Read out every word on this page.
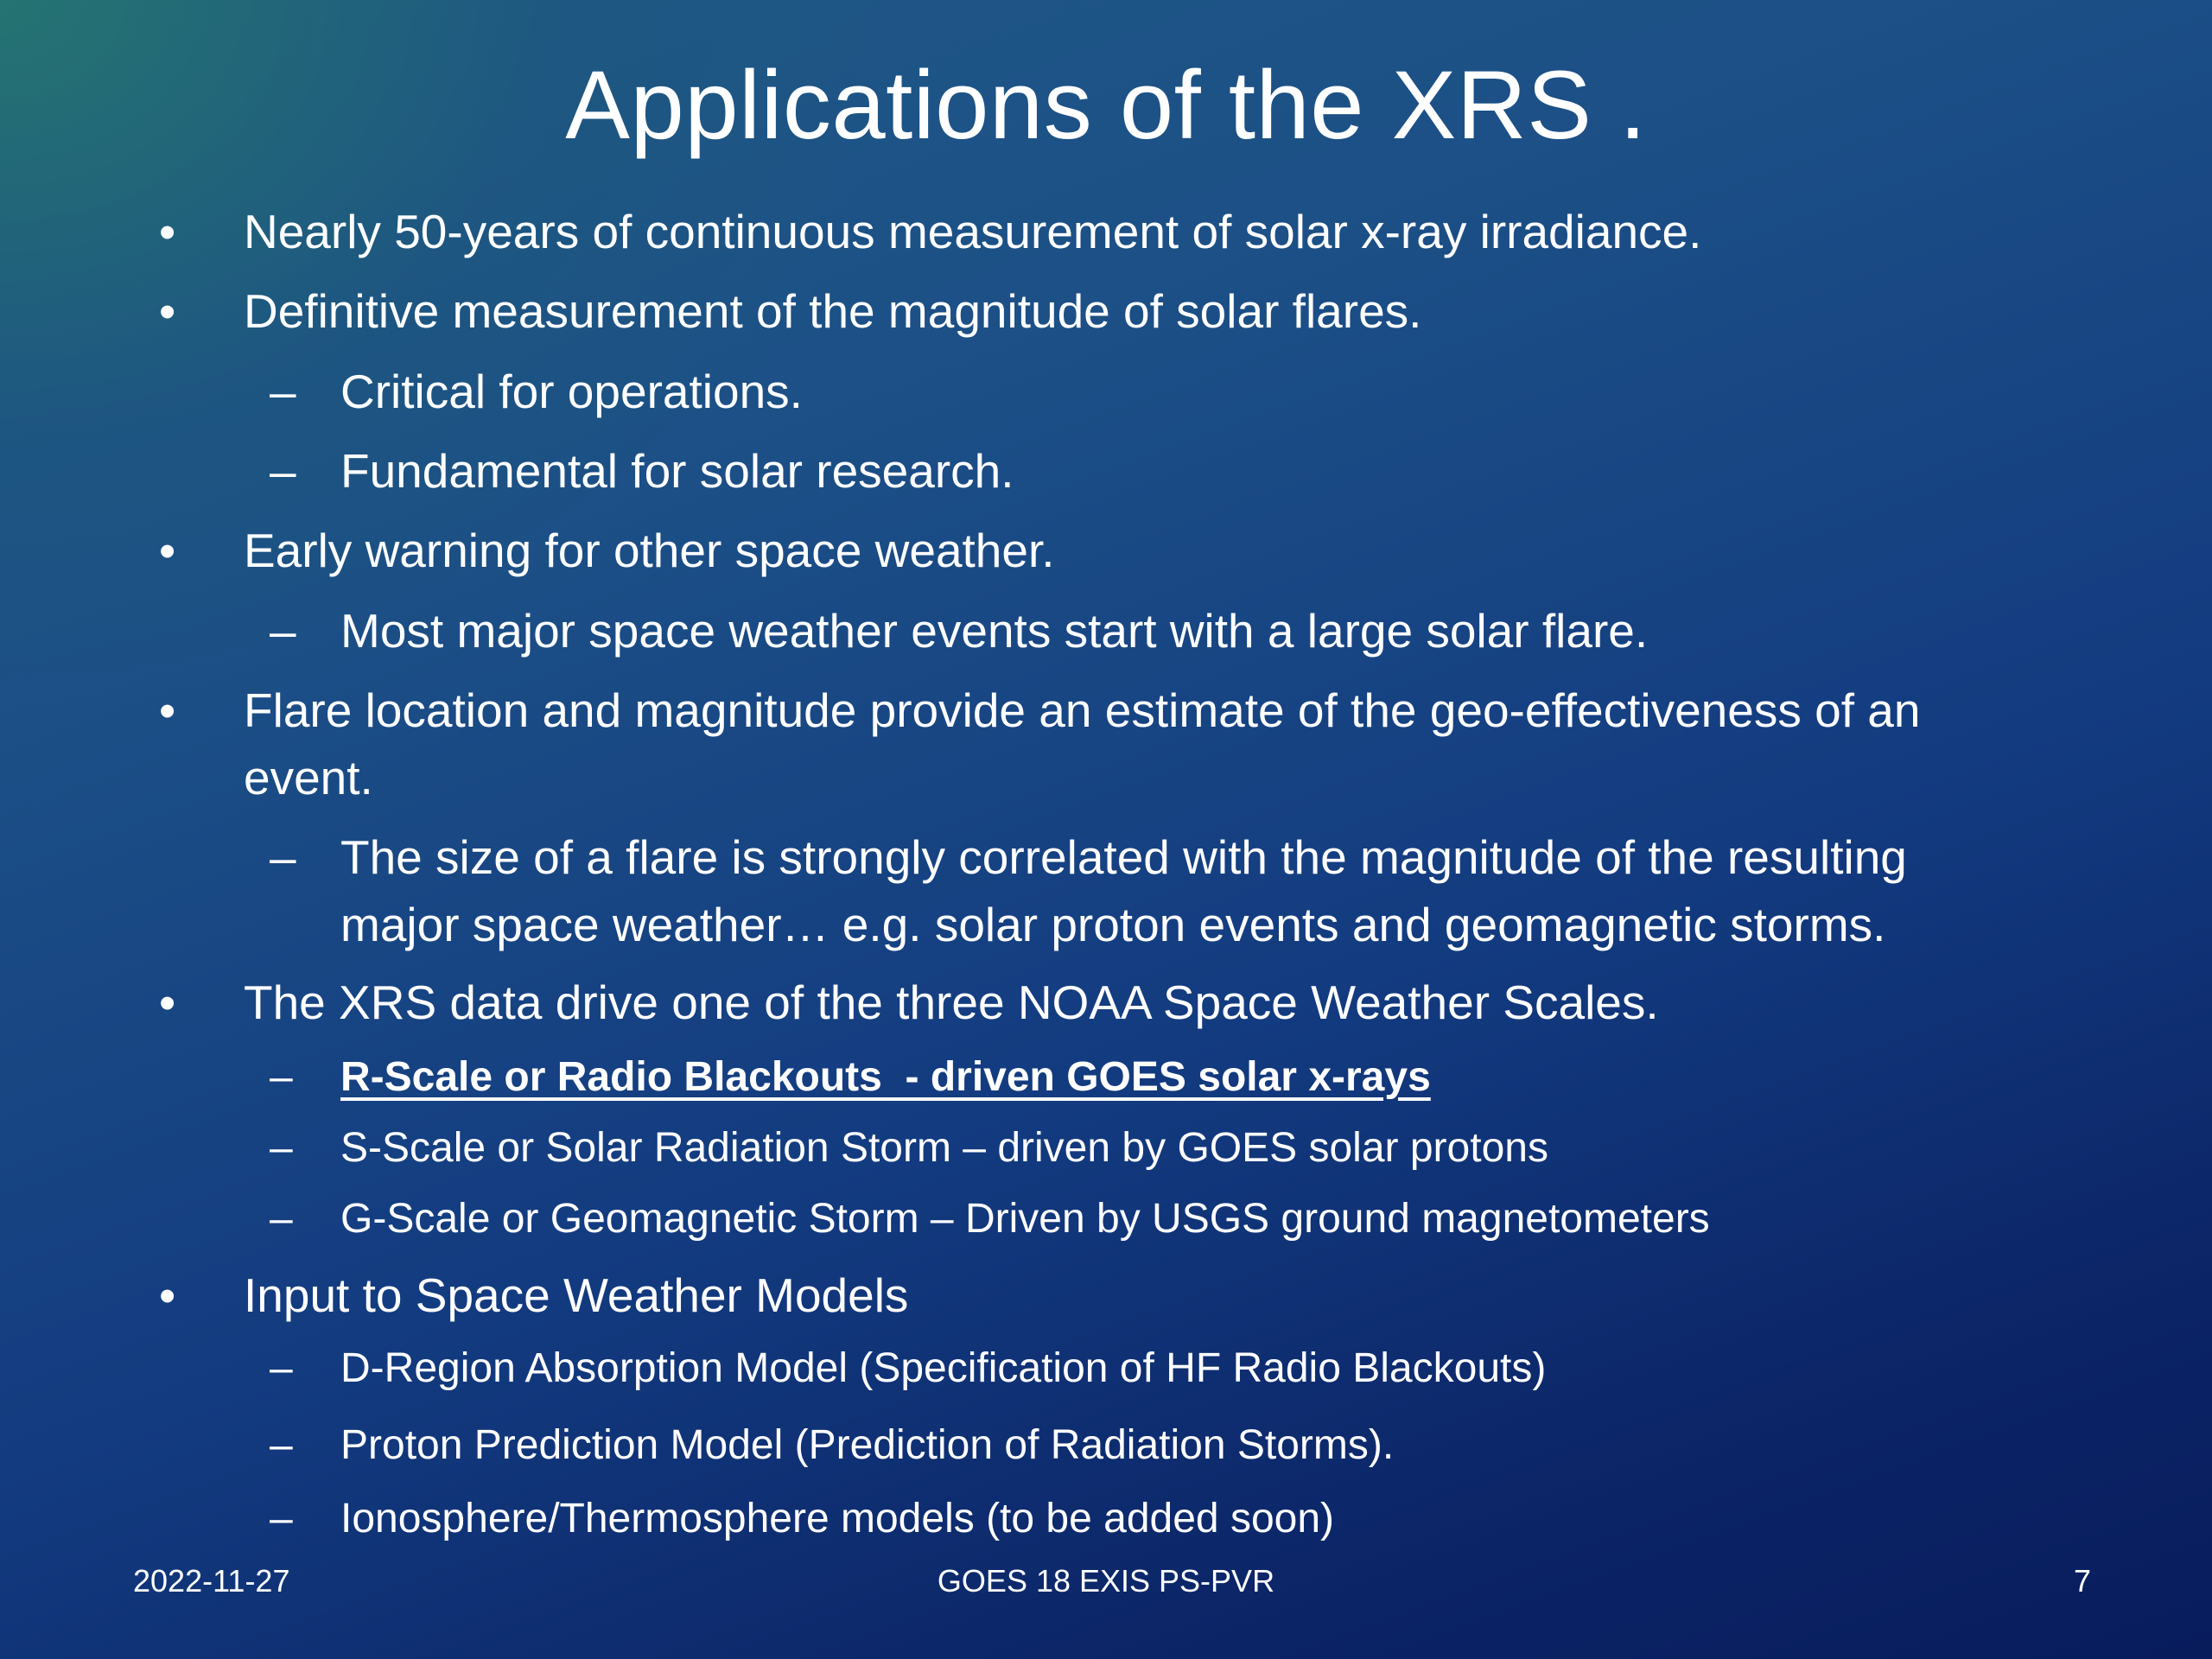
Applications of the XRS .
• Nearly 50-years of continuous measurement of solar x-ray irradiance.
• Definitive measurement of the magnitude of solar flares.
– Critical for operations.
– Fundamental for solar research.
• Early warning for other space weather.
– Most major space weather events start with a large solar flare.
• Flare location and magnitude provide an estimate of the geo-effectiveness of an
event.
– The size of a flare is strongly correlated with the magnitude of the resulting
major space weather… e.g. solar proton events and geomagnetic storms.
• The XRS data drive one of the three NOAA Space Weather Scales.
– R-Scale or Radio Blackouts  - driven GOES solar x-rays
– S-Scale or Solar Radiation Storm – driven by GOES solar protons
– G-Scale or Geomagnetic Storm – Driven by USGS ground magnetometers
• Input to Space Weather Models
– D-Region Absorption Model (Specification of HF Radio Blackouts)
– Proton Prediction Model (Prediction of Radiation Storms).
– Ionosphere/Thermosphere models (to be added soon)
2022-11-27	GOES 18 EXIS PS-PVR	7
